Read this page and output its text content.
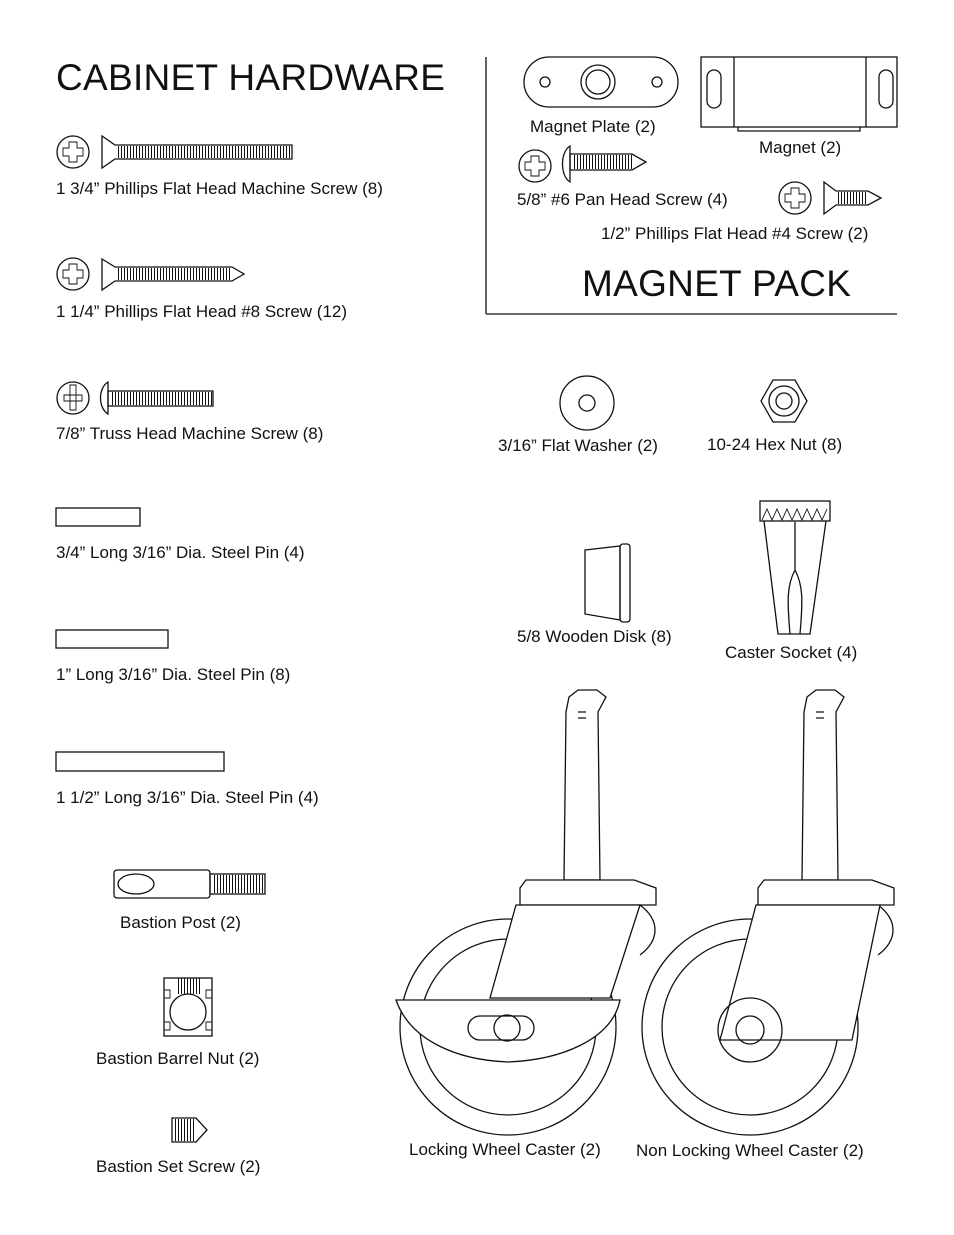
CABINET HARDWARE
MAGNET PACK
1 3/4” Phillips Flat Head Machine Screw (8)
1 1/4” Phillips Flat Head #8 Screw (12)
7/8” Truss Head Machine Screw (8)
3/4” Long 3/16” Dia. Steel Pin (4)
1” Long 3/16” Dia. Steel Pin (8)
1 1/2” Long 3/16” Dia. Steel Pin (4)
Bastion Post (2)
Bastion Barrel Nut (2)
Bastion Set Screw (2)
Magnet Plate (2)
Magnet (2)
5/8” #6 Pan Head Screw (4)
1/2” Phillips Flat Head #4 Screw (2)
3/16” Flat Washer (2)	10-24 Hex Nut (8)
5/8 Wooden Disk (8)
Caster Socket (4)
Locking Wheel Caster (2) Non Locking Wheel Caster (2)
